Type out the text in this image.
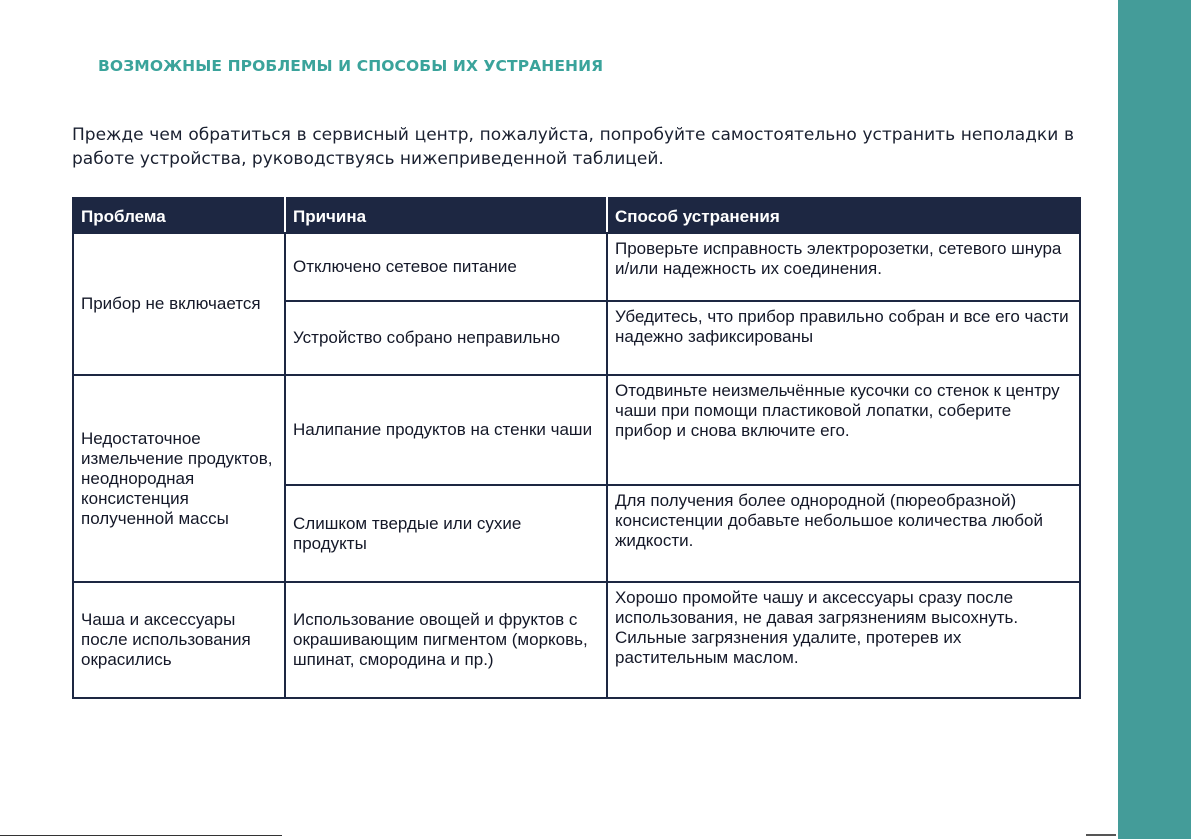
ВОЗМОЖНЫЕ ПРОБЛЕМЫ И СПОСОБЫ ИХ УСТРАНЕНИЯ
Прежде чем обратиться в сервисный центр, пожалуйста, попробуйте самостоятельно устранить неполадки в работе устройства, руководствуясь нижеприведенной таблицей.
Проблема	Причина	Способ устранения
Прибор не включается	Отключено сетевое питание	Проверьте исправность электророзетки, сетевого шнура и/или надежность их соединения.
	Устройство собрано неправильно	Убедитесь, что прибор правильно собран и все его части надежно зафиксированы
Недостаточное измельчение продуктов, неоднородная консистенция полученной массы	Налипание продуктов на стенки чаши	Отодвиньте неизмельчённые кусочки со стенок к центру чаши при помощи пластиковой лопатки, соберите прибор и снова включите его.
	Слишком твердые или сухие продукты	Для получения более однородной (пюреобразной) консистенции добавьте небольшое количества любой жидкости.
Чаша и аксессуары после использования окрасились	Использование овощей и фруктов с окрашивающим пигментом (морковь, шпинат, смородина и пр.)	Хорошо промойте чашу и аксессуары сразу после использования, не давая загрязнениям высохнуть. Сильные загрязнения удалите, протерев их растительным маслом.
